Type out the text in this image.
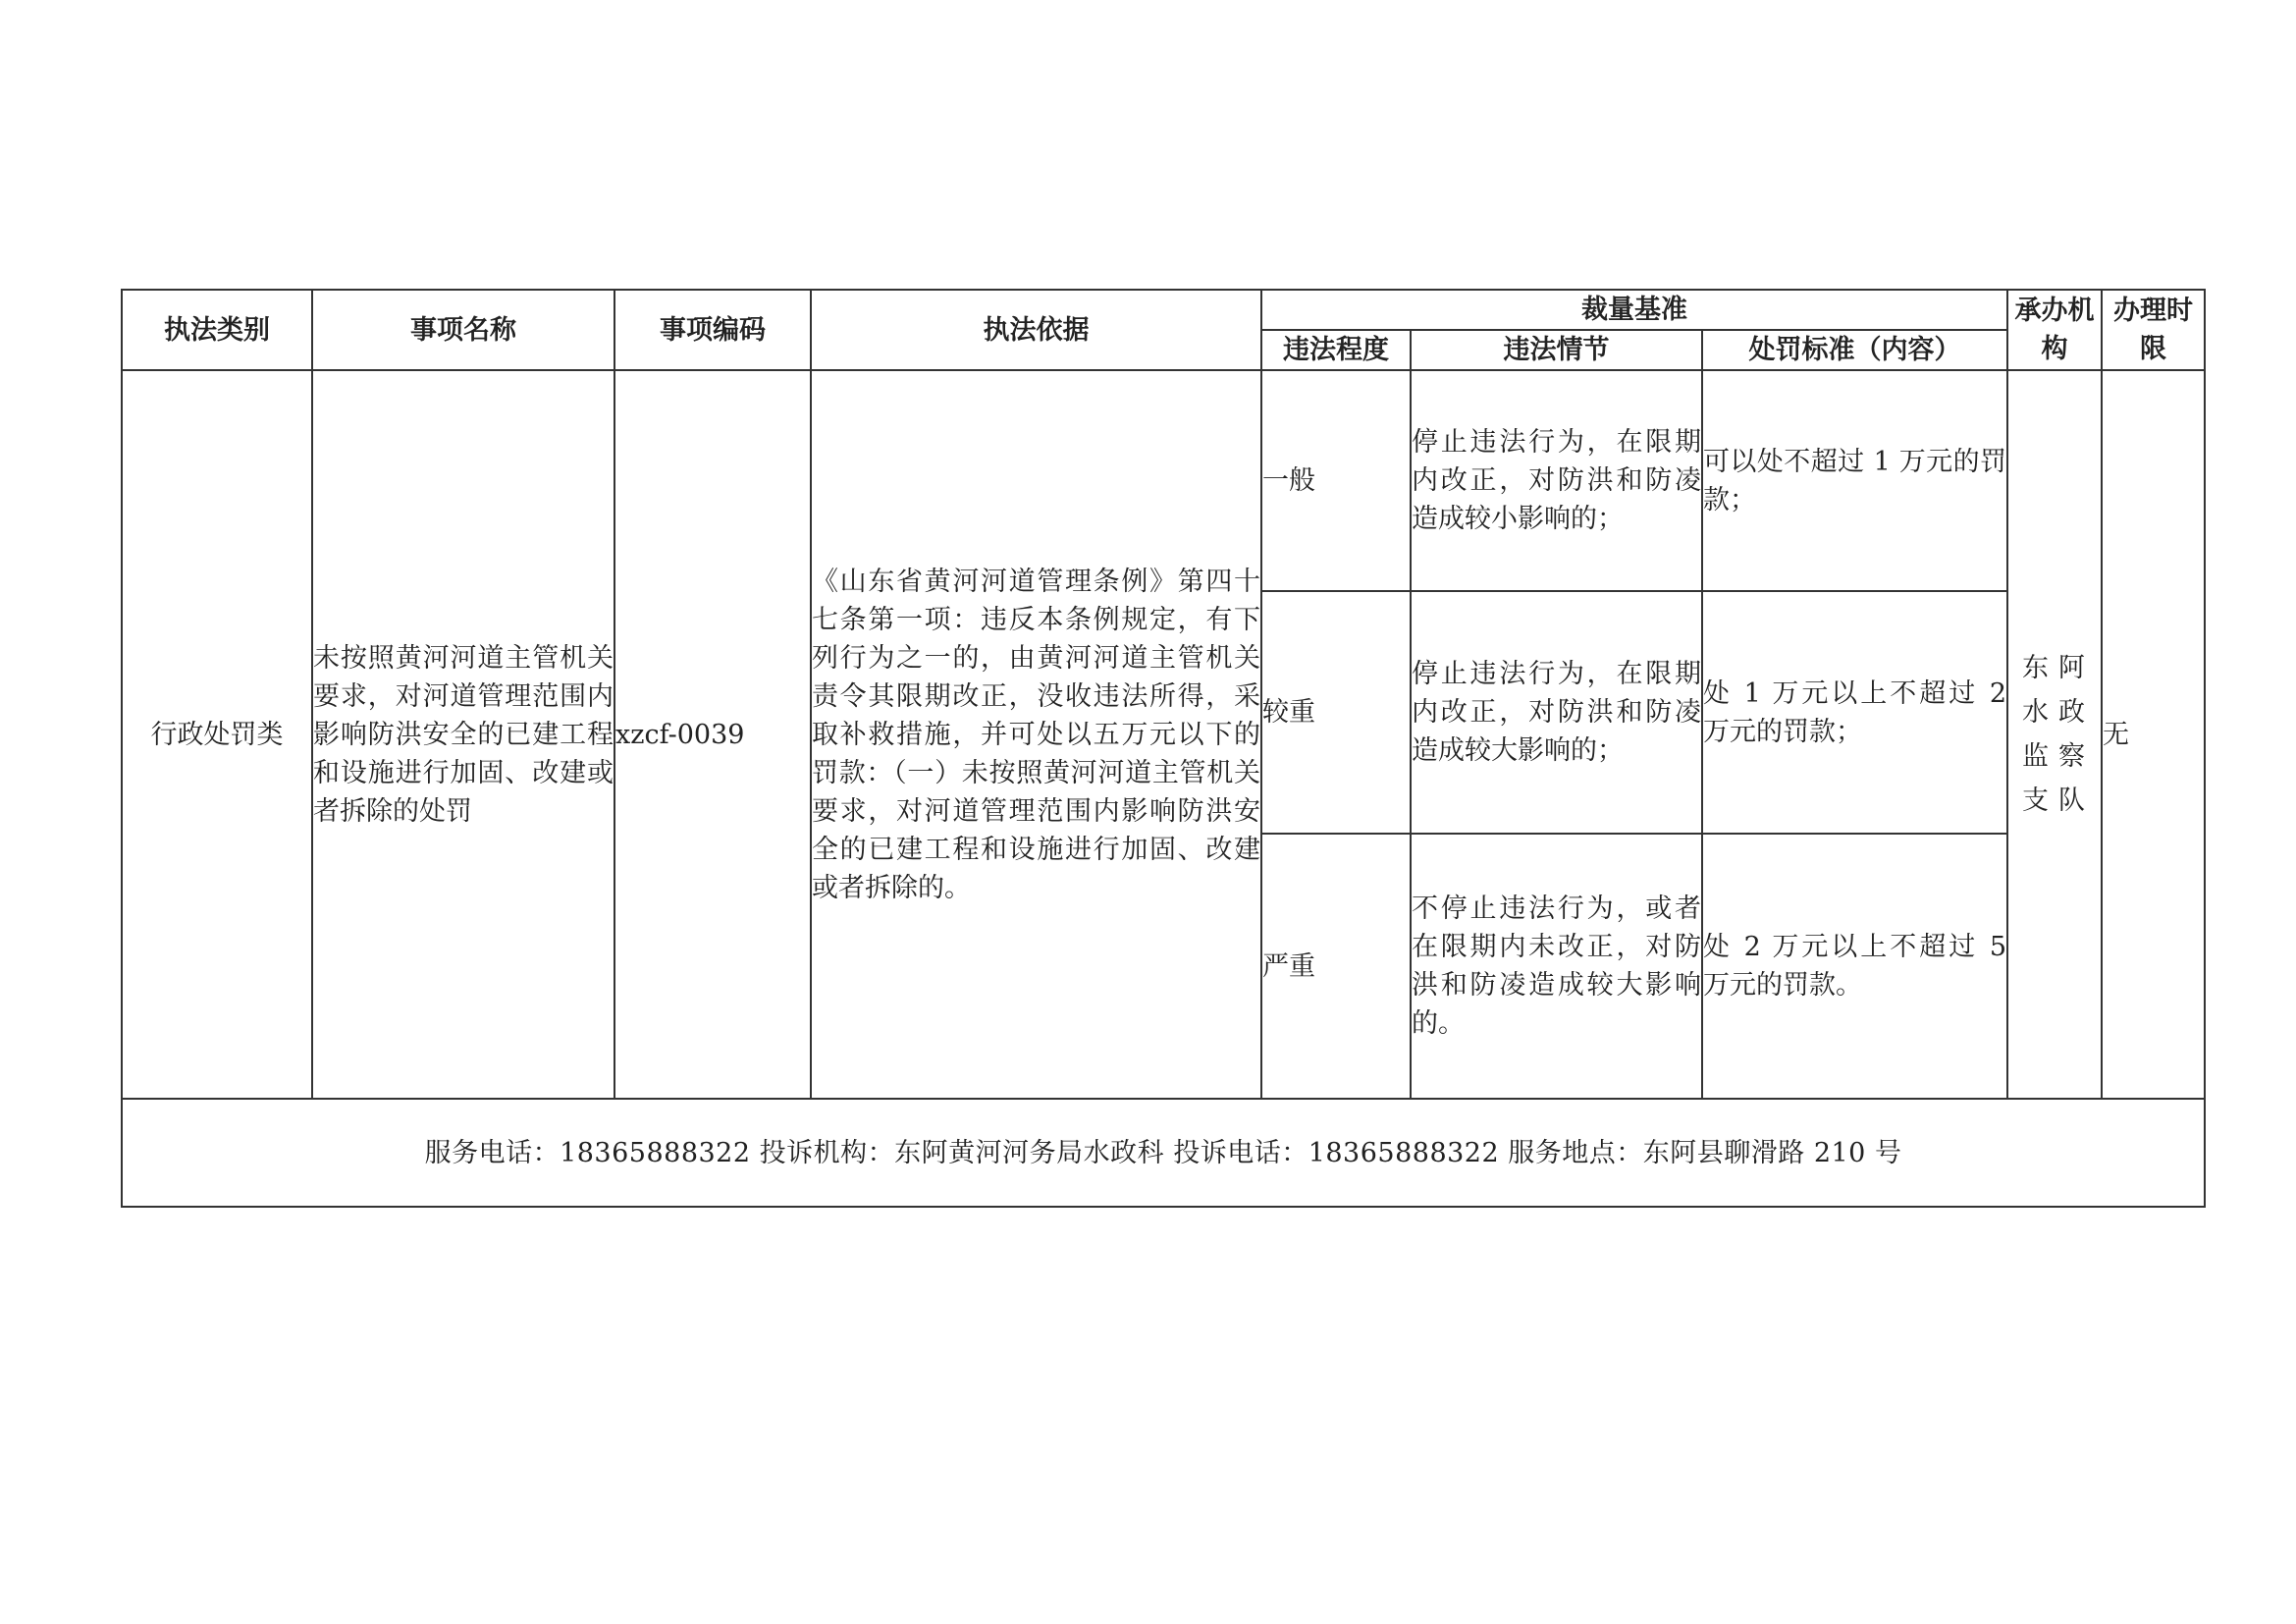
执法类别	事项名称	事项编码	执法依据	裁量基准			承办机构	办理时限
				违法程度	违法情节	处罚标准（内容）		
行政处罚类	未按照黄河河道主管机关要求，对河道管理范围内影响防洪安全的已建工程和设施进行加固、改建或者拆除的处罚	xzcf-0039	《山东省黄河河道管理条例》第四十七条第一项：违反本条例规定，有下列行为之一的，由黄河河道主管机关责令其限期改正，没收违法所得，采取补救措施，并可处以五万元以下的罚款：（一）未按照黄河河道主管机关要求，对河道管理范围内影响防洪安全的已建工程和设施进行加固、改建或者拆除的。	一般	停止违法行为，在限期内改正，对防洪和防凌造成较小影响的；	可以处不超过 1 万元的罚款；	东阿水政监察支队	无
				较重	停止违法行为，在限期内改正，对防洪和防凌造成较大影响的；	处 1 万元以上不超过 2 万元的罚款；		

				严重	不停止违法行为，或者在限期内未改正，对防洪和防凌造成较大影响的。	处 2 万元以上不超过 5 万元的罚款。		

服务电话：18365888322 投诉机构：东阿黄河河务局水政科 投诉电话：18365888322 服务地点：东阿县聊滑路 210 号								
